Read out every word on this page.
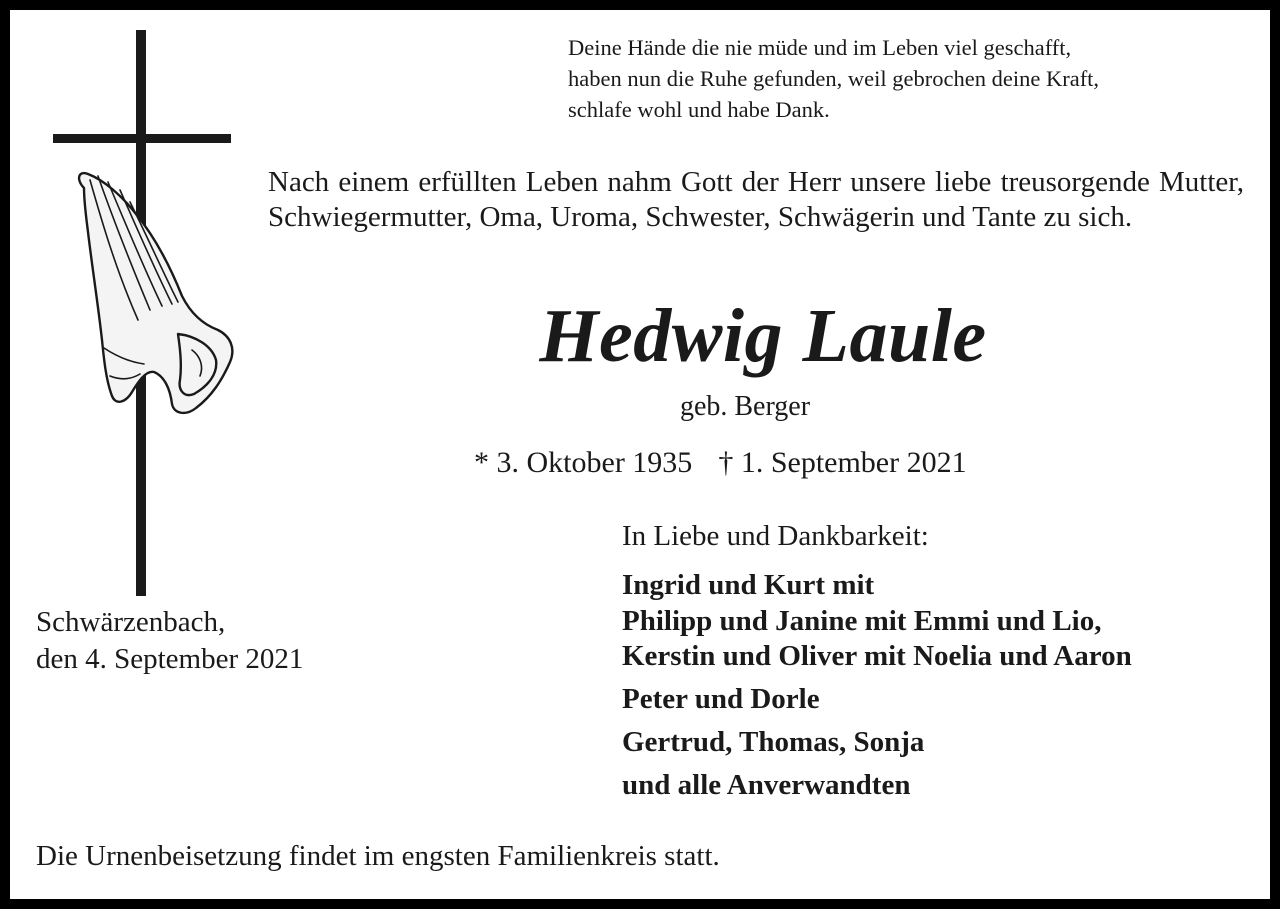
Deine Hände die nie müde und im Leben viel geschafft,
haben nun die Ruhe gefunden, weil gebrochen deine Kraft,
schlafe wohl und habe Dank.

Nach einem erfüllten Leben nahm Gott der Herr unsere liebe treusorgende Mutter, Schwiegermutter, Oma, Uroma, Schwester, Schwägerin und Tante zu sich.

Hedwig Laule
geb. Berger
* 3. Oktober 1935 † 1. September 2021
In Liebe und Dankbarkeit:
Ingrid und Kurt mit
Philipp und Janine mit Emmi und Lio,
Kerstin und Oliver mit Noelia und Aaron
Peter und Dorle
Gertrud, Thomas, Sonja
und alle Anverwandten
Schwärzenbach,
den 4. September 2021
Die Urnenbeisetzung findet im engsten Familienkreis statt.
